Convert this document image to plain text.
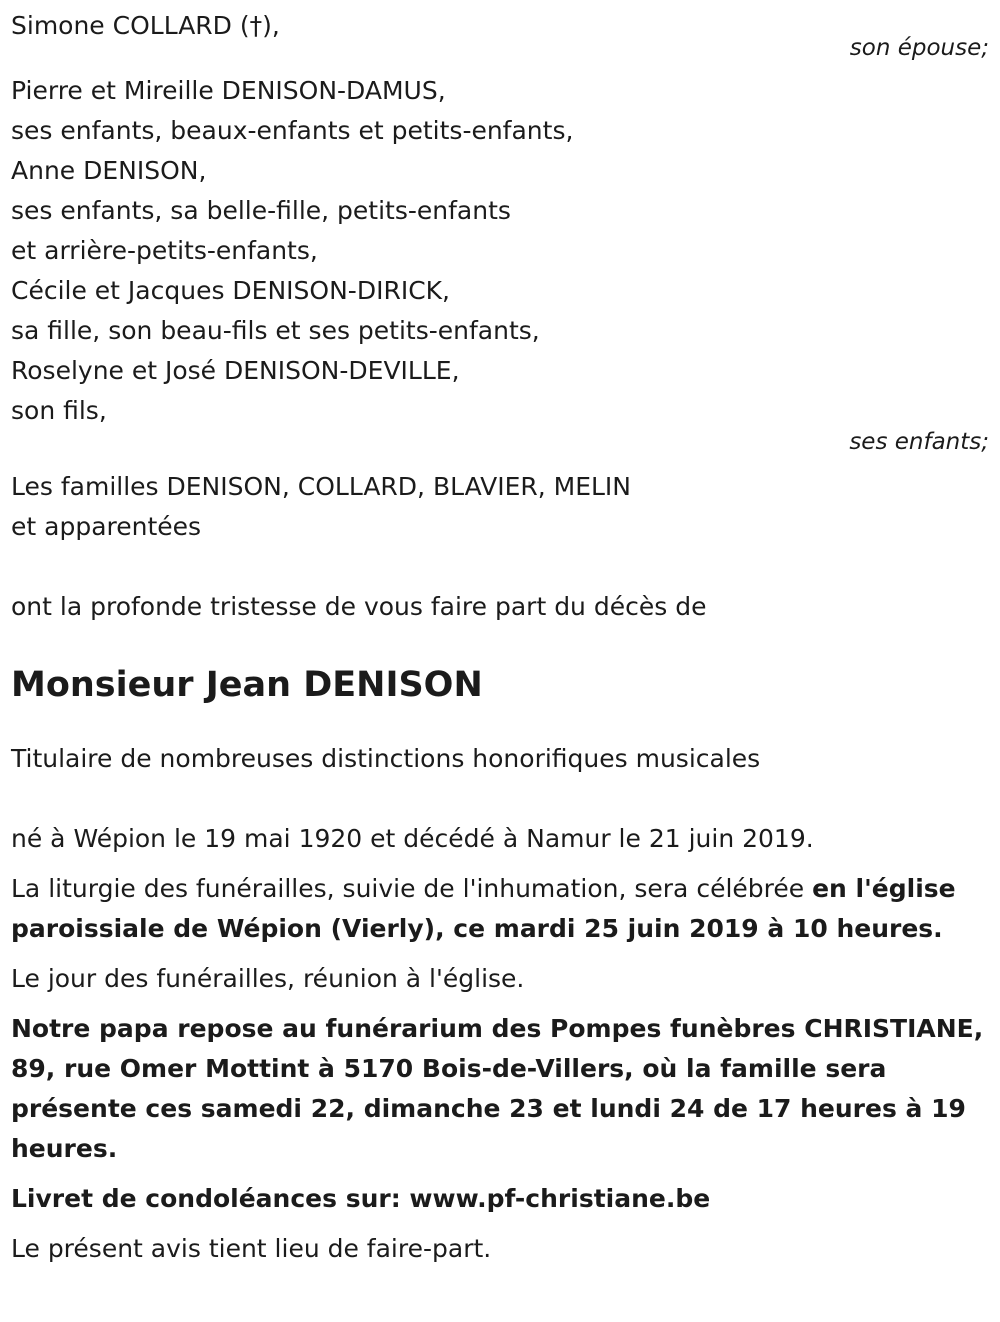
Simone COLLARD (†),
son épouse;
Pierre et Mireille DENISON-DAMUS,
ses enfants, beaux-enfants et petits-enfants,
Anne DENISON,
ses enfants, sa belle-fille, petits-enfants
et arrière-petits-enfants,
Cécile et Jacques DENISON-DIRICK,
sa fille, son beau-fils et ses petits-enfants,
Roselyne et José DENISON-DEVILLE,
son fils,
ses enfants;
Les familles DENISON, COLLARD, BLAVIER, MELIN
et apparentées
ont la profonde tristesse de vous faire part du décès de
Monsieur Jean DENISON
Titulaire de nombreuses distinctions honorifiques musicales
né à Wépion le 19 mai 1920 et décédé à Namur le 21 juin 2019.

La liturgie des funérailles, suivie de l'inhumation, sera célébrée en l'église paroissiale de Wépion (Vierly), ce mardi 25 juin 2019 à 10 heures.

Le jour des funérailles, réunion à l'église.

Notre papa repose au funérarium des Pompes funèbres CHRISTIANE, 89, rue Omer Mottint à 5170 Bois-de-Villers, où la famille sera présente ces samedi 22, dimanche 23 et lundi 24 de 17 heures à 19 heures.

Livret de condoléances sur: www.pf-christiane.be
Le présent avis tient lieu de faire-part.
